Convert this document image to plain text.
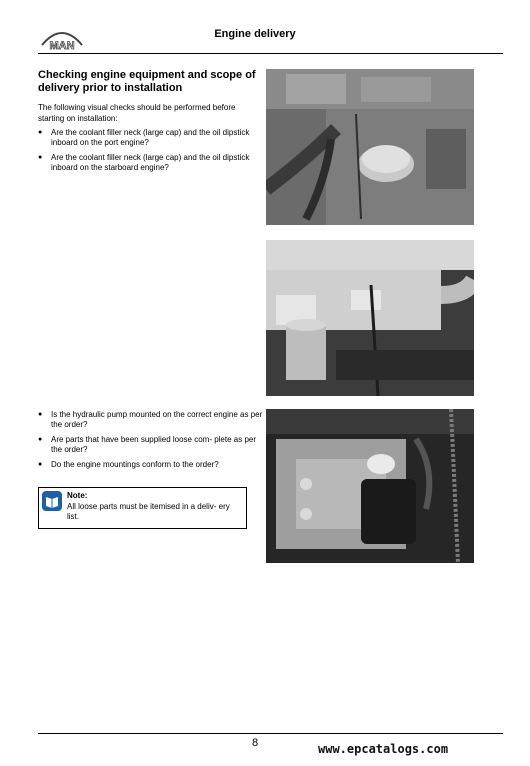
MAN
Engine delivery
Checking engine equipment and scope of delivery prior to installation
The following visual checks should be performed before starting on installation:
● Are the coolant filler neck (large cap) and the oil dipstick inboard on the port engine?
● Are the coolant filler neck (large cap) and the oil dipstick inboard on the starboard engine?
● Is the hydraulic pump mounted on the correct engine as per the order?
● Are parts that have been supplied loose com- plete as per the order?
● Do the engine mountings conform to the order?
Note:
All loose parts must be itemised in a deliv- ery list.
8	www.epcatalogs.com
